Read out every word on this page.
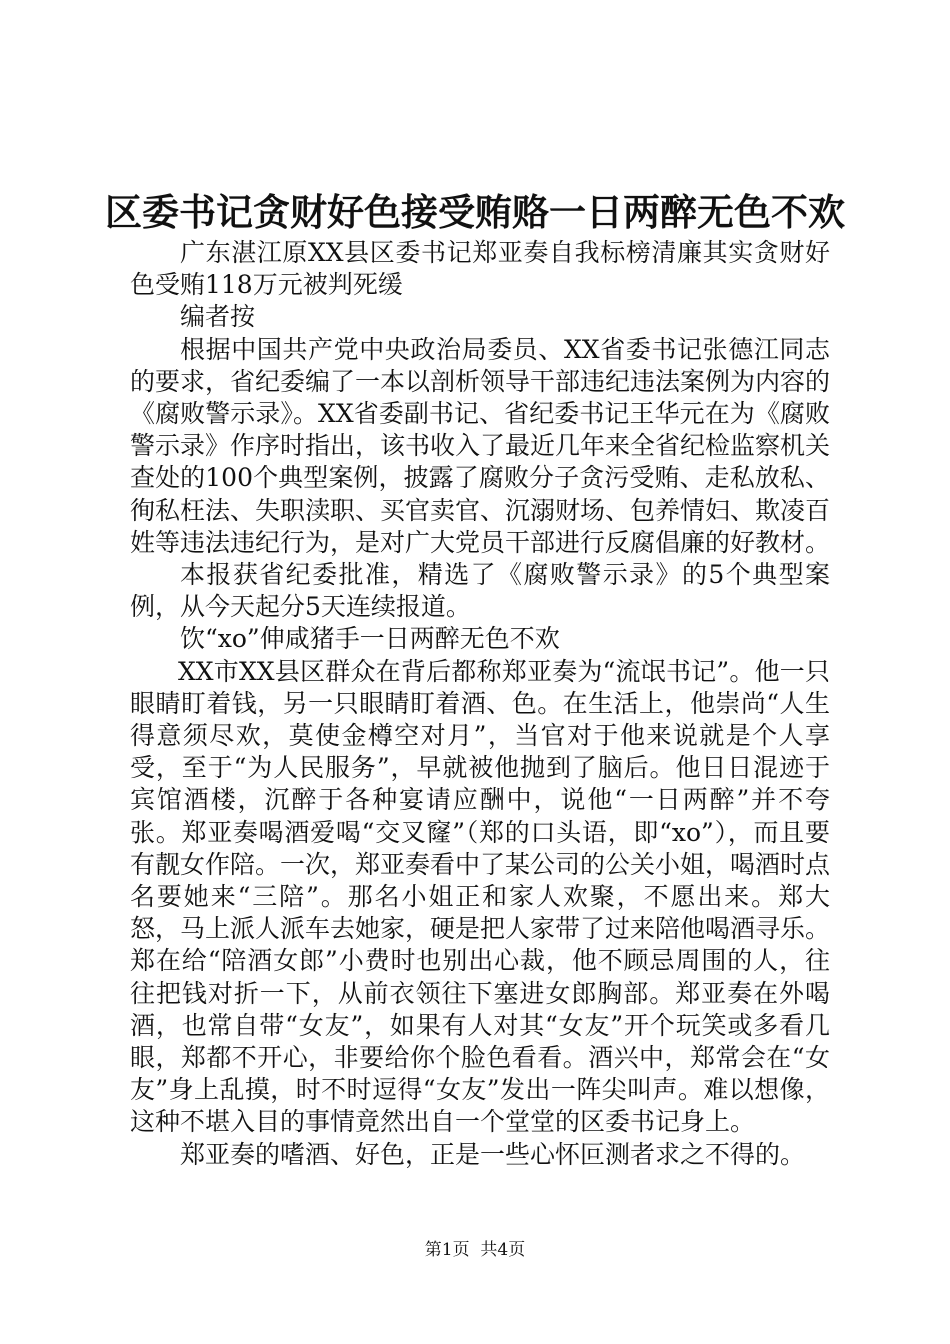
区委书记贪财好色接受贿赂一日两醉无色不欢

广东湛江原XX县区委书记郑亚奏自我标榜清廉其实贪财好色受贿118万元被判死缓

编者按

根据中国共产党中央政治局委员、XX省委书记张德江同志的要求，省纪委编了一本以剖析领导干部违纪违法案例为内容的《腐败警示录》。XX省委副书记、省纪委书记王华元在为《腐败警示录》作序时指出，该书收入了最近几年来全省纪检监察机关查处的100个典型案例，披露了腐败分子贪污受贿、走私放私、徇私枉法、失职渎职、买官卖官、沉溺财场、包养情妇、欺凌百姓等违法违纪行为，是对广大党员干部进行反腐倡廉的好教材。

本报获省纪委批准，精选了《腐败警示录》的5个典型案例，从今天起分5天连续报道。

饮“xo”伸咸猪手一日两醉无色不欢

XX市XX县区群众在背后都称郑亚奏为“流氓书记”。他一只眼睛盯着钱，另一只眼睛盯着酒、色。在生活上，他崇尚“人生得意须尽欢，莫使金樽空对月”，当官对于他来说就是个人享受，至于“为人民服务”，早就被他抛到了脑后。他日日混迹于宾馆酒楼，沉醉于各种宴请应酬中，说他“一日两醉”并不夸张。郑亚奏喝酒爱喝“交叉窿”（郑的口头语，即“xo”），而且要有靓女作陪。一次，郑亚奏看中了某公司的公关小姐，喝酒时点名要她来“三陪”。那名小姐正和家人欢聚，不愿出来。郑大怒，马上派人派车去她家，硬是把人家带了过来陪他喝酒寻乐。郑在给“陪酒女郎”小费时也别出心裁，他不顾忌周围的人，往往把钱对折一下，从前衣领往下塞进女郎胸部。郑亚奏在外喝酒，也常自带“女友”，如果有人对其“女友”开个玩笑或多看几眼，郑都不开心，非要给你个脸色看看。酒兴中，郑常会在“女友”身上乱摸，时不时逗得“女友”发出一阵尖叫声。难以想像，这种不堪入目的事情竟然出自一个堂堂的区委书记身上。

郑亚奏的嗜酒、好色，正是一些心怀叵测者求之不得的。

第1页  共4页
